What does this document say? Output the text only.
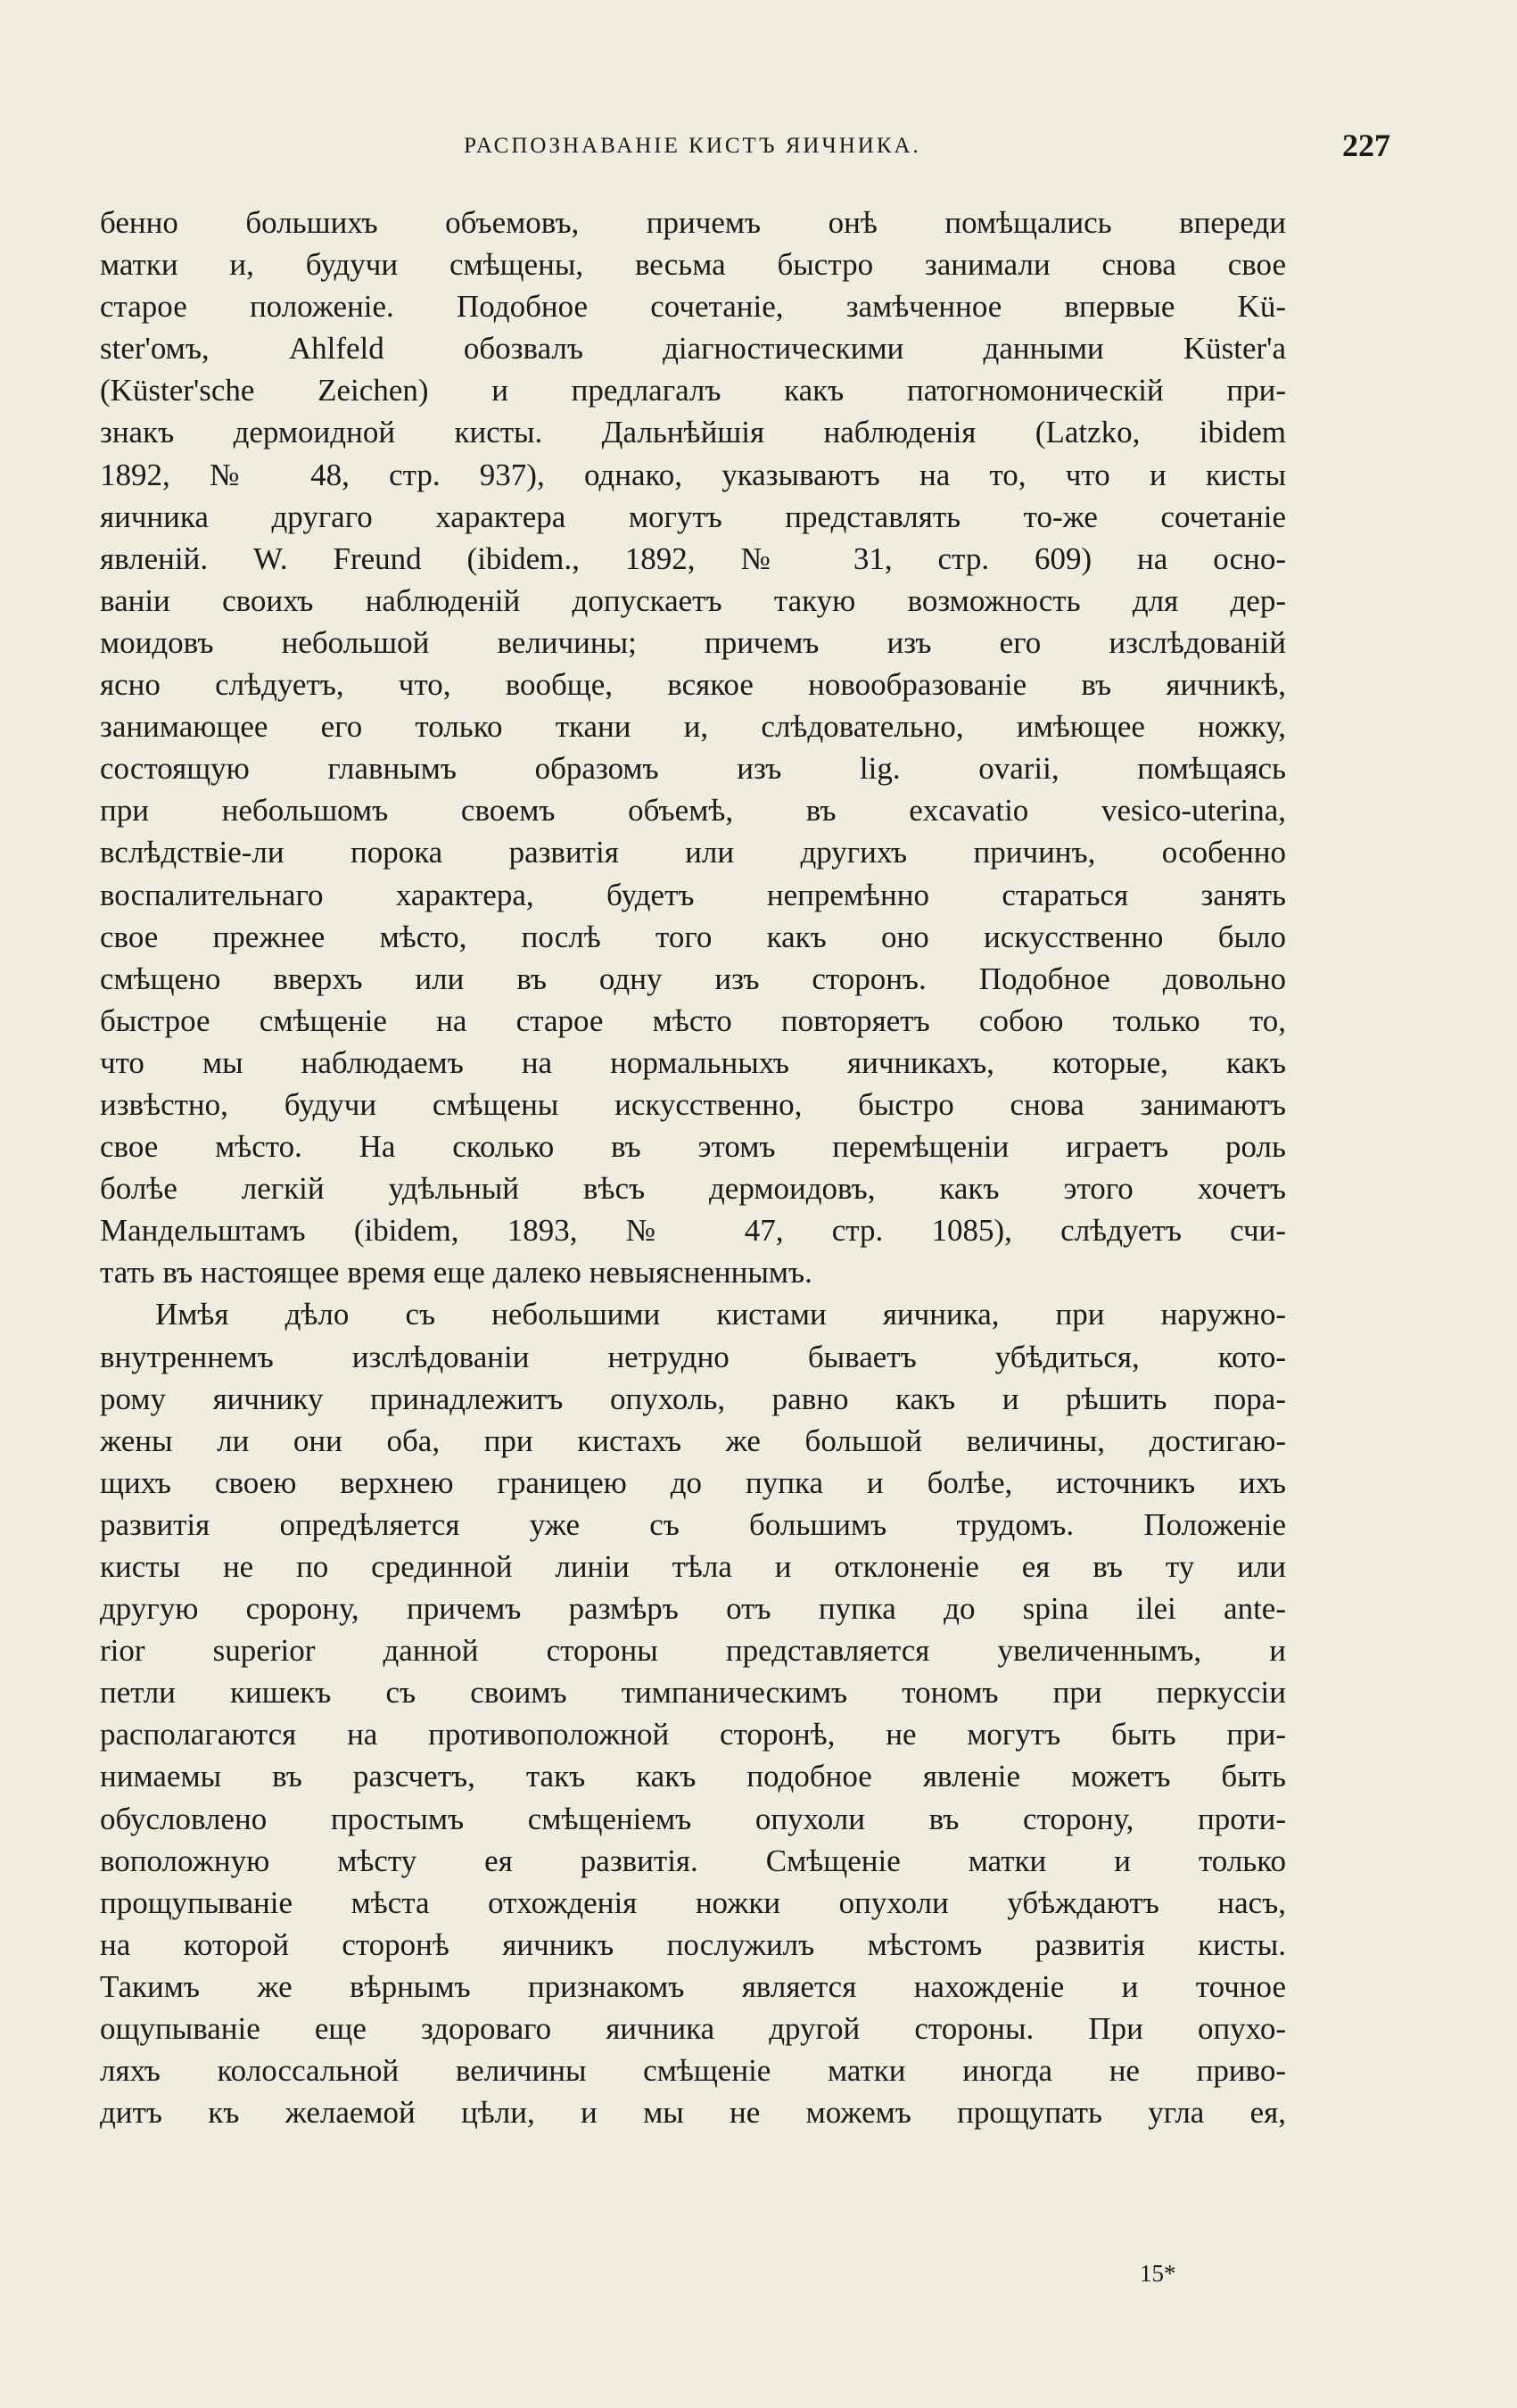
РАСПОЗНАВАНІЕ КИСТЪ ЯИЧНИКА.	227

бенно большихъ объемовъ, причемъ онѣ помѣщались впереди
матки и, будучи смѣщены, весьма быстро занимали снова свое
старое положеніе. Подобное сочетаніе, замѣченное впервые Kü-
ster'омъ, Ahlfeld обозвалъ діагностическими данными Küster'a
(Küster'sche Zeichen) и предлагалъ какъ патогномоническій при-
знакъ дермоидной кисты. Дальнѣйшія наблюденія (Latzko, ibidem
1892, № 48, стр. 937), однако, указываютъ на то, что и кисты
яичника другаго характера могутъ представлять то-же сочетаніе
явленій. W. Freund (ibidem., 1892, № 31, стр. 609) на осно-
ваніи своихъ наблюденій допускаетъ такую возможность для дер-
моидовъ небольшой величины; причемъ изъ его изслѣдованій
ясно слѣдуетъ, что, вообще, всякое новообразованіе въ яичникѣ,
занимающее его только ткани и, слѣдовательно, имѣющее ножку,
состоящую главнымъ образомъ изъ lig. ovarii, помѣщаясь
при небольшомъ своемъ объемѣ, въ excavatio vesico-uterina,
вслѣдствіе-ли порока развитія или другихъ причинъ, особенно
воспалительнаго характера, будетъ непремѣнно стараться занять
свое прежнее мѣсто, послѣ того какъ оно искусственно было
смѣщено вверхъ или въ одну изъ сторонъ. Подобное довольно
быстрое смѣщеніе на старое мѣсто повторяетъ собою только то,
что мы наблюдаемъ на нормальныхъ яичникахъ, которые, какъ
извѣстно, будучи смѣщены искусственно, быстро снова занимаютъ
свое мѣсто. На сколько въ этомъ перемѣщеніи играетъ роль
болѣе легкій удѣльный вѣсъ дермоидовъ, какъ этого хочетъ
Мандельштамъ (ibidem, 1893, № 47, стр. 1085), слѣдуетъ счи-
тать въ настоящее время еще далеко невыясненнымъ.

Имѣя дѣло съ небольшими кистами яичника, при наружно-
внутреннемъ изслѣдованіи нетрудно бываетъ убѣдиться, кото-
рому яичнику принадлежитъ опухоль, равно какъ и рѣшить пора-
жены ли они оба, при кистахъ же большой величины, достигаю-
щихъ своею верхнею границею до пупка и болѣе, источникъ ихъ
развитія опредѣляется уже съ большимъ трудомъ. Положеніе
кисты не по срединной линіи тѣла и отклоненіе ея въ ту или
другую сророну, причемъ размѣръ отъ пупка до spina ilei ante-
rior superior данной стороны представляется увеличеннымъ, и
петли кишекъ съ своимъ тимпаническимъ тономъ при перкуссіи
располагаются на противоположной сторонѣ, не могутъ быть при-
нимаемы въ разсчетъ, такъ какъ подобное явленіе можетъ быть
обусловлено простымъ смѣщеніемъ опухоли въ сторону, проти-
воположную мѣсту ея развитія. Смѣщеніе матки и только
прощупываніе мѣста отхожденія ножки опухоли убѣждаютъ насъ,
на которой сторонѣ яичникъ послужилъ мѣстомъ развитія кисты.
Такимъ же вѣрнымъ признакомъ является нахожденіе и точное
ощупываніе еще здороваго яичника другой стороны. При опухо-
ляхъ колоссальной величины смѣщеніе матки иногда не приво-
дитъ къ желаемой цѣли, и мы не можемъ прощупать угла ея,

15*
